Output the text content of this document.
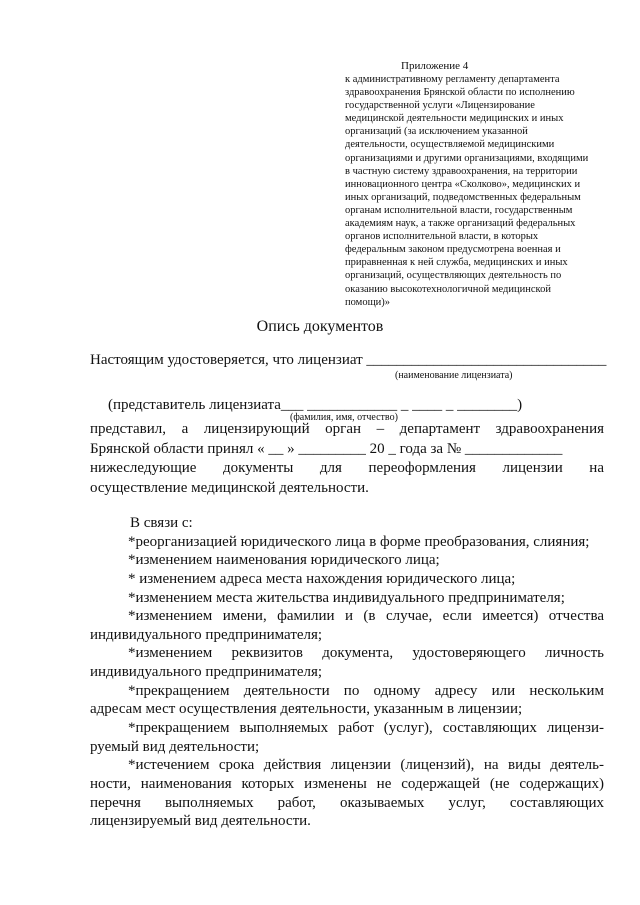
Приложение 4
к административному регламенту департамента
здравоохранения Брянской области по исполнению
государственной услуги «Лицензирование
медицинской деятельности медицинских и иных
организаций (за исключением указанной
деятельности, осуществляемой медицинскими
организациями и другими организациями, входящими
в частную систему здравоохранения, на территории
инновационного центра «Сколково», медицинских и
иных организаций, подведомственных федеральным
органам исполнительной власти, государственным
академиям наук, а также организаций федеральных
органов исполнительной власти, в которых
федеральным законом предусмотрена военная и
приравненная к ней служба, медицинских и иных
организаций, осуществляющих деятельность по
оказанию высокотехнологичной медицинской
помощи)»
Опись документов
Настоящим удостоверяется, что лицензиат ________________________________
(наименование лицензиата)
(представитель лицензиата___ ____________ _ ____ _ ________)
(фамилия, имя, отчество)
представил, а лицензирующий орган – департамент здравоохранения
Брянской области принял « __ » _________ 20 _ года за № _____________
нижеследующие документы для переоформления лицензии на
осуществление медицинской деятельности.
В связи с:
*реорганизацией юридического лица в форме преобразования, слияния;
*изменением наименования юридического лица;
* изменением адреса места нахождения юридического лица;
*изменением места жительства индивидуального предпринимателя;
*изменением имени, фамилии и (в случае, если имеется) отчества
индивидуального предпринимателя;
*изменением реквизитов документа, удостоверяющего личность
индивидуального предпринимателя;
*прекращением деятельности по одному адресу или нескольким
адресам мест осуществления деятельности, указанным в лицензии;
*прекращением выполняемых работ (услуг), составляющих лицензи-
руемый вид деятельности;
*истечением срока действия лицензии (лицензий), на виды деятель-
ности, наименования которых изменены не содержащей (не содержащих)
перечня выполняемых работ, оказываемых услуг, составляющих
лицензируемый вид деятельности.
